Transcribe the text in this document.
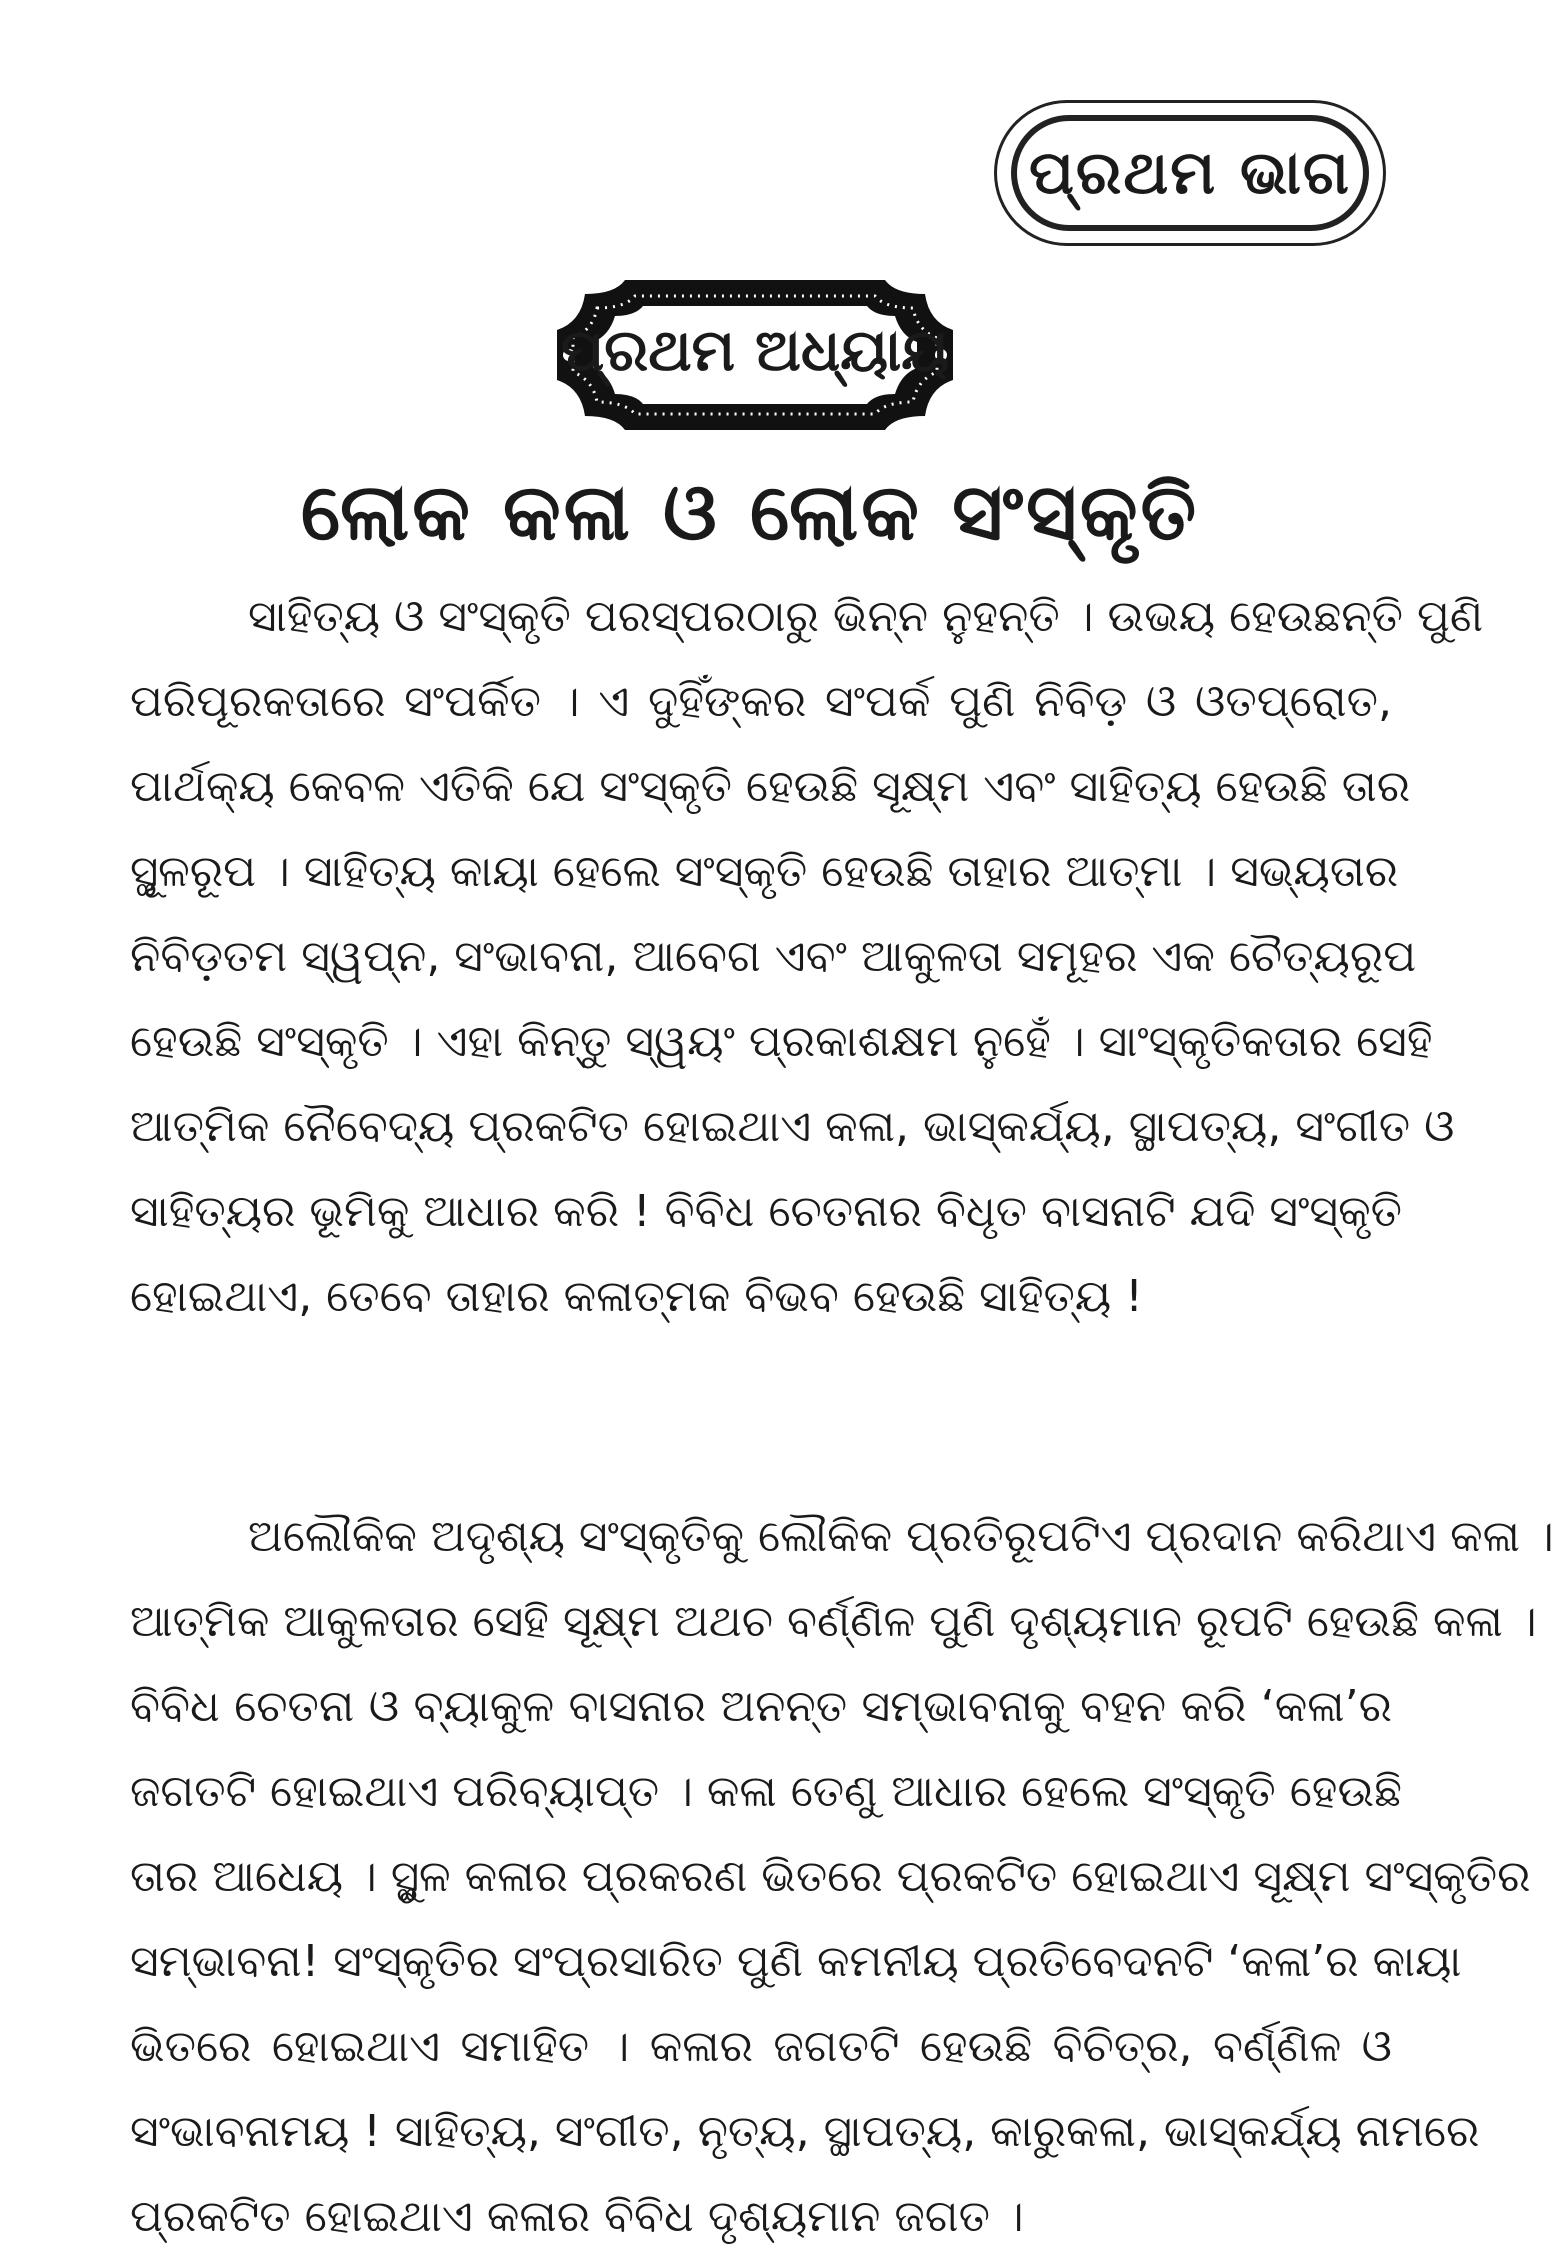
ପ୍ରଥମ ଭାଗ
ପ୍ରଥମ ଅଧ୍ୟାୟ
ଲୋକ କଳା ଓ ଲୋକ ସଂସ୍କୃତି
ସାହିତ୍ୟ ଓ ସଂସ୍କୃତି ପରସ୍ପରଠାରୁ ଭିନ୍ନ ନୁହନ୍ତି । ଉଭୟ ହେଉଛନ୍ତି ପୁଣି
ପରିପୂରକତାରେ ସଂପର୍କିତ । ଏ ଦୁହିଁଙ୍କର ସଂପର୍କ ପୁଣି ନିବିଡ଼ ଓ ଓତପ୍ରୋତ,
ପାର୍ଥକ୍ୟ କେବଳ ଏତିକି ଯେ ସଂସ୍କୃତି ହେଉଛି ସୂକ୍ଷ୍ମ ଏବଂ ସାହିତ୍ୟ ହେଉଛି ତାର
ସ୍ଥୂଳରୂପ । ସାହିତ୍ୟ କାୟା ହେଲେ ସଂସ୍କୃତି ହେଉଛି ତାହାର ଆତ୍ମା । ସଭ୍ୟତାର
ନିବିଡ଼ତମ ସ୍ୱପ୍ନ, ସଂଭାବନା, ଆବେଗ ଏବଂ ଆକୁଳତା ସମୂହର ଏକ ଚୈତ୍ୟରୂପ
ହେଉଛି ସଂସ୍କୃତି । ଏହା କିନ୍ତୁ ସ୍ୱୟଂ ପ୍ରକାଶକ୍ଷମ ନୁହେଁ । ସାଂସ୍କୃତିକତାର ସେହି
ଆତ୍ମିକ ନୈବେଦ୍ୟ ପ୍ରକଟିତ ହୋଇଥାଏ କଳା, ଭାସ୍କର୍ଯ୍ୟ, ସ୍ଥାପତ୍ୟ, ସଂଗୀତ ଓ
ସାହିତ୍ୟର ଭୂମିକୁ ଆଧାର କରି ! ବିବିଧ ଚେତନାର ବିଧୃତ ବାସନାଟି ଯଦି ସଂସ୍କୃତି
ହୋଇଥାଏ, ତେବେ ତାହାର କଳାତ୍ମକ ବିଭବ ହେଉଛି ସାହିତ୍ୟ !
ଅଲୌକିକ ଅଦୃଶ୍ୟ ସଂସ୍କୃତିକୁ ଲୌକିକ ପ୍ରତିରୂପଟିଏ ପ୍ରଦାନ କରିଥାଏ କଳା ।
ଆତ୍ମିକ ଆକୁଳତାର ସେହି ସୂକ୍ଷ୍ମ ଅଥଚ ବର୍ଣ୍ଣିଳ ପୁଣି ଦୃଶ୍ୟମାନ ରୂପଟି ହେଉଛି କଳା ।
ବିବିଧ ଚେତନା ଓ ବ୍ୟାକୁଳ ବାସନାର ଅନନ୍ତ ସମ୍ଭାବନାକୁ ବହନ କରି ‘କଳା’ର
ଜଗତଟି ହୋଇଥାଏ ପରିବ୍ୟାପ୍ତ । କଳା ତେଣୁ ଆଧାର ହେଲେ ସଂସ୍କୃତି ହେଉଛି
ତାର ଆଧେୟ । ସ୍ଥୁଳ କଳାର ପ୍ରକରଣ ଭିତରେ ପ୍ରକଟିତ ହୋଇଥାଏ ସୂକ୍ଷ୍ମ ସଂସ୍କୃତିର
ସମ୍ଭାବନା! ସଂସ୍କୃତିର ସଂପ୍ରସାରିତ ପୁଣି କମନୀୟ ପ୍ରତିବେଦନଟି ‘କଳା’ର କାୟା
ଭିତରେ ହୋଇଥାଏ ସମାହିତ । କଳାର ଜଗତଟି ହେଉଛି ବିଚିତ୍ର, ବର୍ଣ୍ଣିଳ ଓ
ସଂଭାବନାମୟ ! ସାହିତ୍ୟ, ସଂଗୀତ, ନୃତ୍ୟ, ସ୍ଥାପତ୍ୟ, କାରୁକଳା, ଭାସ୍କର୍ଯ୍ୟ ନାମରେ
ପ୍ରକଟିତ ହୋଇଥାଏ କଳାର ବିବିଧ ଦୃଶ୍ୟମାନ ଜଗତ ।
